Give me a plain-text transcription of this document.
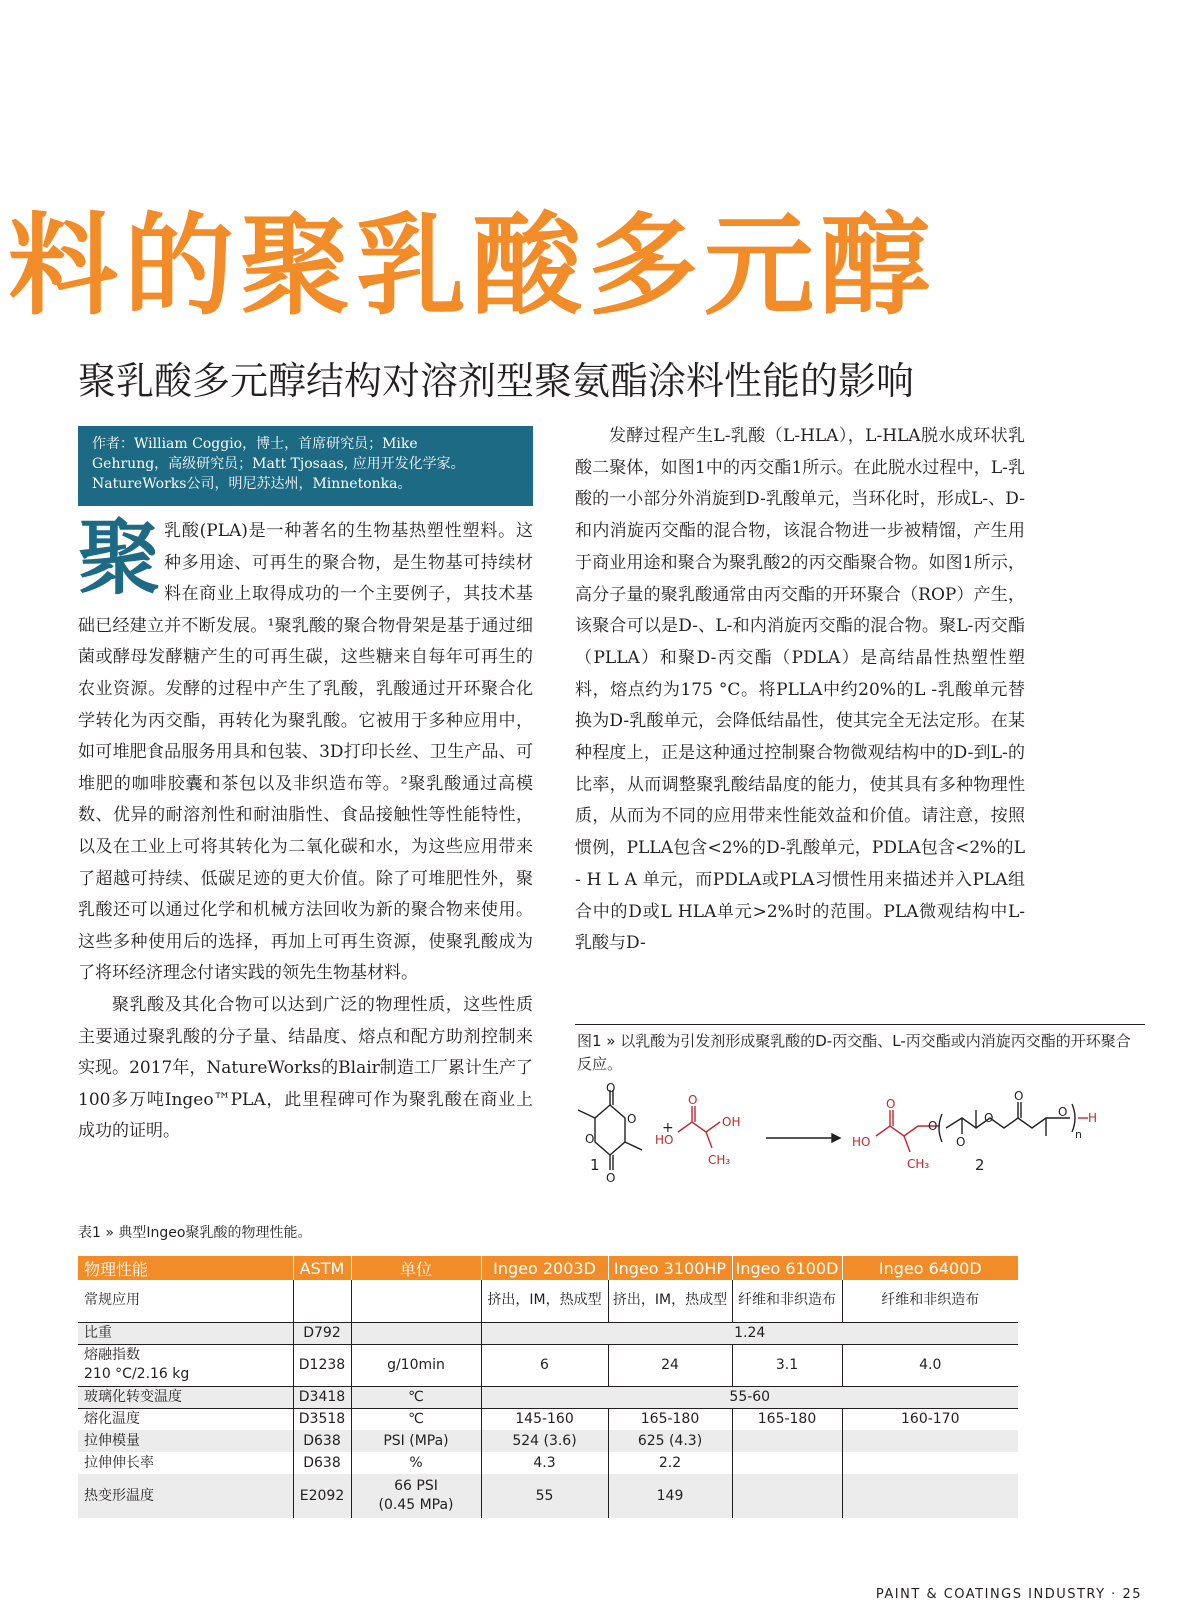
料的聚乳酸多元醇
聚乳酸多元醇结构对溶剂型聚氨酯涂料性能的影响
作者：William Coggio，博士，首席研究员；Mike
Gehrung，高级研究员；Matt Tjosaas, 应用开发化学家。
NatureWorks公司，明尼苏达州，Minnetonka。
聚 乳酸(PLA)是一种著名的生物基热塑性塑料。这种多用途、可再生的聚合物，是生物基可持续材料在商业上取得成功的一个主要例子，其技术基础已经建立并不断发展。¹聚乳酸的聚合物骨架是基于通过细菌或酵母发酵糖产生的可再生碳，这些糖来自每年可再生的农业资源。发酵的过程中产生了乳酸，乳酸通过开环聚合化学转化为丙交酯，再转化为聚乳酸。它被用于多种应用中，如可堆肥食品服务用具和包装、3D打印长丝、卫生产品、可堆肥的咖啡胶囊和茶包以及非织造布等。²聚乳酸通过高模数、优异的耐溶剂性和耐油脂性、食品接触性等性能特性，以及在工业上可将其转化为二氧化碳和水，为这些应用带来了超越可持续、低碳足迹的更大价值。除了可堆肥性外，聚乳酸还可以通过化学和机械方法回收为新的聚合物来使用。这些多种使用后的选择，再加上可再生资源，使聚乳酸成为了将环经济理念付诸实践的领先生物基材料。

聚乳酸及其化合物可以达到广泛的物理性质，这些性质主要通过聚乳酸的分子量、结晶度、熔点和配方助剂控制来实现。2017年，NatureWorks的Blair制造工厂累计生产了100多万吨Ingeo™PLA，此里程碑可作为聚乳酸在商业上成功的证明。

发酵过程产生L-乳酸（L-HLA），L-HLA脱水成环状乳酸二聚体，如图1中的丙交酯1所示。在此脱水过程中，L-乳酸的一小部分外消旋到D-乳酸单元，当环化时，形成L-、D-和内消旋丙交酯的混合物，该混合物进一步被精馏，产生用于商业用途和聚合为聚乳酸2的丙交酯聚合物。如图1所示，高分子量的聚乳酸通常由丙交酯的开环聚合（ROP）产生，该聚合可以是D-、L-和内消旋丙交酯的混合物。聚L-丙交酯（PLLA）和聚D-丙交酯（PDLA）是高结晶性热塑性塑料，熔点约为175 °C。将PLLA中约20%的L -乳酸单元替换为D-乳酸单元，会降低结晶性，使其完全无法定形。在某种程度上，正是这种通过控制聚合物微观结构中的D-到L-的比率，从而调整聚乳酸结晶度的能力，使其具有多种物理性质，从而为不同的应用带来性能效益和价值。请注意，按照惯例，PLLA包含<2%的D-乳酸单元，PDLA包含<2%的L - H L A 单元，而PDLA或PLA习惯性用来描述并入PLA组合中的D或L HLA单元>2%时的范围。PLA微观结构中L-乳酸与D-

图1 » 以乳酸为引发剂形成聚乳酸的D-丙交酯、L-丙交酯或内消旋丙交酯的开环聚合反应。
O
O
O
O
+
HO
O
OH
CH₃
HO
O
CH₃
O
O
O
O
O
n
H
1	2
表1 » 典型Ingeo聚乳酸的物理性能。
物理性能	ASTM	单位	Ingeo 2003D	Ingeo 3100HP	Ingeo 6100D	Ingeo 6400D
常规应用			挤出，IM，热成型	挤出，IM，热成型	纤维和非织造布	纤维和非织造布
比重	D792		1.24			

熔融指数
210 °C/2.16 kg	D1238	g/10min	6	24	3.1	4.0
玻璃化转变温度	D3418	℃	55-60			
熔化温度	D3518	℃	145-160	165-180	165-180	160-170
拉伸模量	D638	PSI (MPa)	524 (3.6)	625 (4.3)		
拉伸伸长率	D638	%	4.3	2.2		
热变形温度	E2092	66 PSI
(0.45 MPa)	55	149		
PAINT & COATINGS INDUSTRY · 25
